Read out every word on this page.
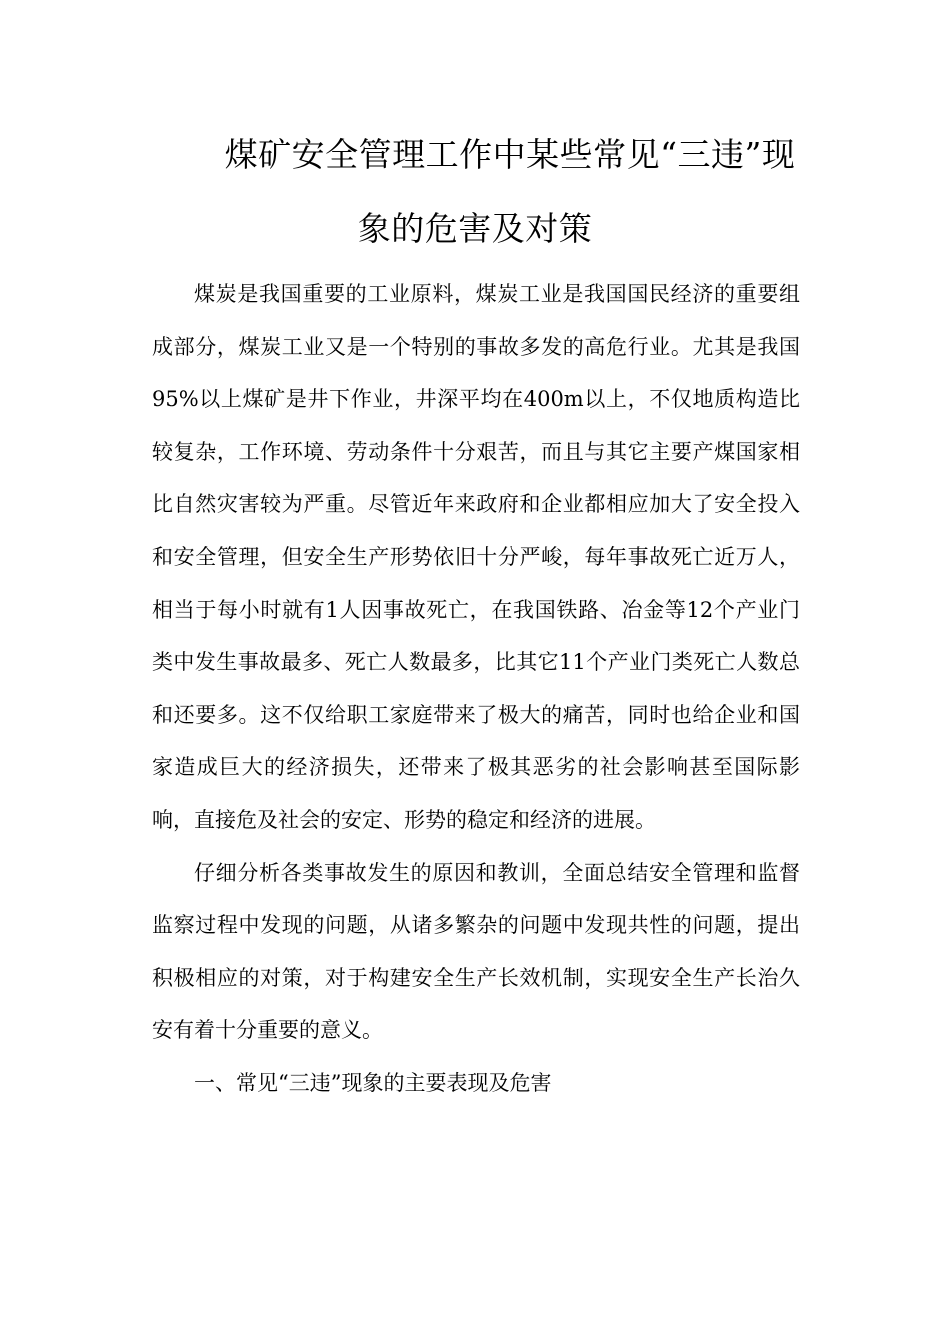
煤矿安全管理工作中某些常见“三违”现
象的危害及对策

煤炭是我国重要的工业原料，煤炭工业是我国国民经济的重要组成部分，煤炭工业又是一个特别的事故多发的高危行业。尤其是我国95%以上煤矿是井下作业，井深平均在400m以上，不仅地质构造比较复杂，工作环境、劳动条件十分艰苦，而且与其它主要产煤国家相比自然灾害较为严重。尽管近年来政府和企业都相应加大了安全投入和安全管理，但安全生产形势依旧十分严峻，每年事故死亡近万人，相当于每小时就有1人因事故死亡，在我国铁路、冶金等12个产业门类中发生事故最多、死亡人数最多，比其它11个产业门类死亡人数总和还要多。这不仅给职工家庭带来了极大的痛苦，同时也给企业和国家造成巨大的经济损失，还带来了极其恶劣的社会影响甚至国际影响，直接危及社会的安定、形势的稳定和经济的进展。

仔细分析各类事故发生的原因和教训，全面总结安全管理和监督监察过程中发现的问题，从诸多繁杂的问题中发现共性的问题，提出积极相应的对策，对于构建安全生产长效机制，实现安全生产长治久安有着十分重要的意义。

一、常见“三违”现象的主要表现及危害
